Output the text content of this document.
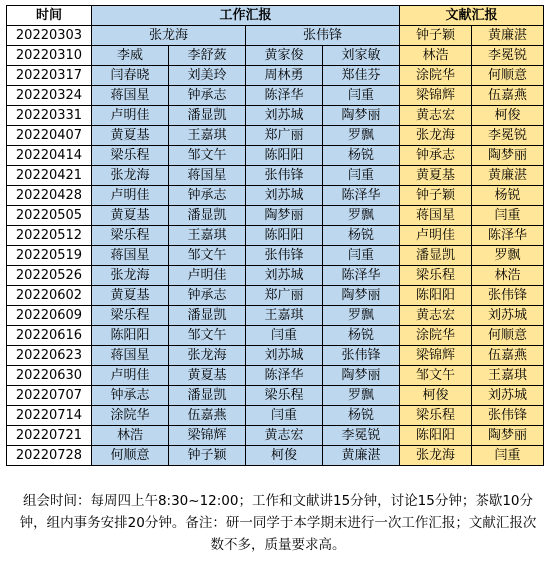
时间	工作汇报				文献汇报	
20220303	张龙海		张伟锋		钟子颖	黄廉湛
20220310	李威	李舒蔹	黄家俊	刘家敏	林浩	李冕锐
20220317	闫春晓	刘美玲	周林勇	郑佳芬	涂院华	何顺意
20220324	蒋国星	钟承志	陈泽华	闫重	梁锦辉	伍嘉燕
20220331	卢明佳	潘显凯	刘苏城	陶梦丽	黄志宏	柯俊
20220407	黄夏基	王嘉琪	郑广丽	罗飘	张龙海	李冕锐
20220414	梁乐程	邹文午	陈阳阳	杨锐	钟承志	陶梦丽
20220421	张龙海	蒋国星	张伟锋	闫重	黄夏基	黄廉湛
20220428	卢明佳	钟承志	刘苏城	陈泽华	钟子颖	杨锐
20220505	黄夏基	潘显凯	陶梦丽	罗飘	蒋国星	闫重
20220512	梁乐程	王嘉琪	陈阳阳	杨锐	卢明佳	陈泽华
20220519	蒋国星	邹文午	张伟锋	闫重	潘显凯	罗飘
20220526	张龙海	卢明佳	刘苏城	陈泽华	梁乐程	林浩
20220602	黄夏基	钟承志	郑广丽	陶梦丽	陈阳阳	张伟锋
20220609	梁乐程	潘显凯	王嘉琪	罗飘	黄志宏	刘苏城
20220616	陈阳阳	邹文午	闫重	杨锐	涂院华	何顺意
20220623	蒋国星	张龙海	刘苏城	张伟锋	梁锦辉	伍嘉燕
20220630	卢明佳	黄夏基	陈泽华	陶梦丽	邹文午	王嘉琪
20220707	钟承志	潘显凯	梁乐程	罗飘	柯俊	刘苏城
20220714	涂院华	伍嘉燕	闫重	杨锐	梁乐程	张伟锋
20220721	林浩	梁锦辉	黄志宏	李冕锐	陈阳阳	陶梦丽
20220728	何顺意	钟子颖	柯俊	黄廉湛	张龙海	闫重
组会时间：每周四上午8:30~12:00；工作和文献讲15分钟，讨论15分钟；茶歇10分钟，组内事务安排20分钟。备注：研一同学于本学期末进行一次工作汇报；文献汇报次数不多，质量要求高。
